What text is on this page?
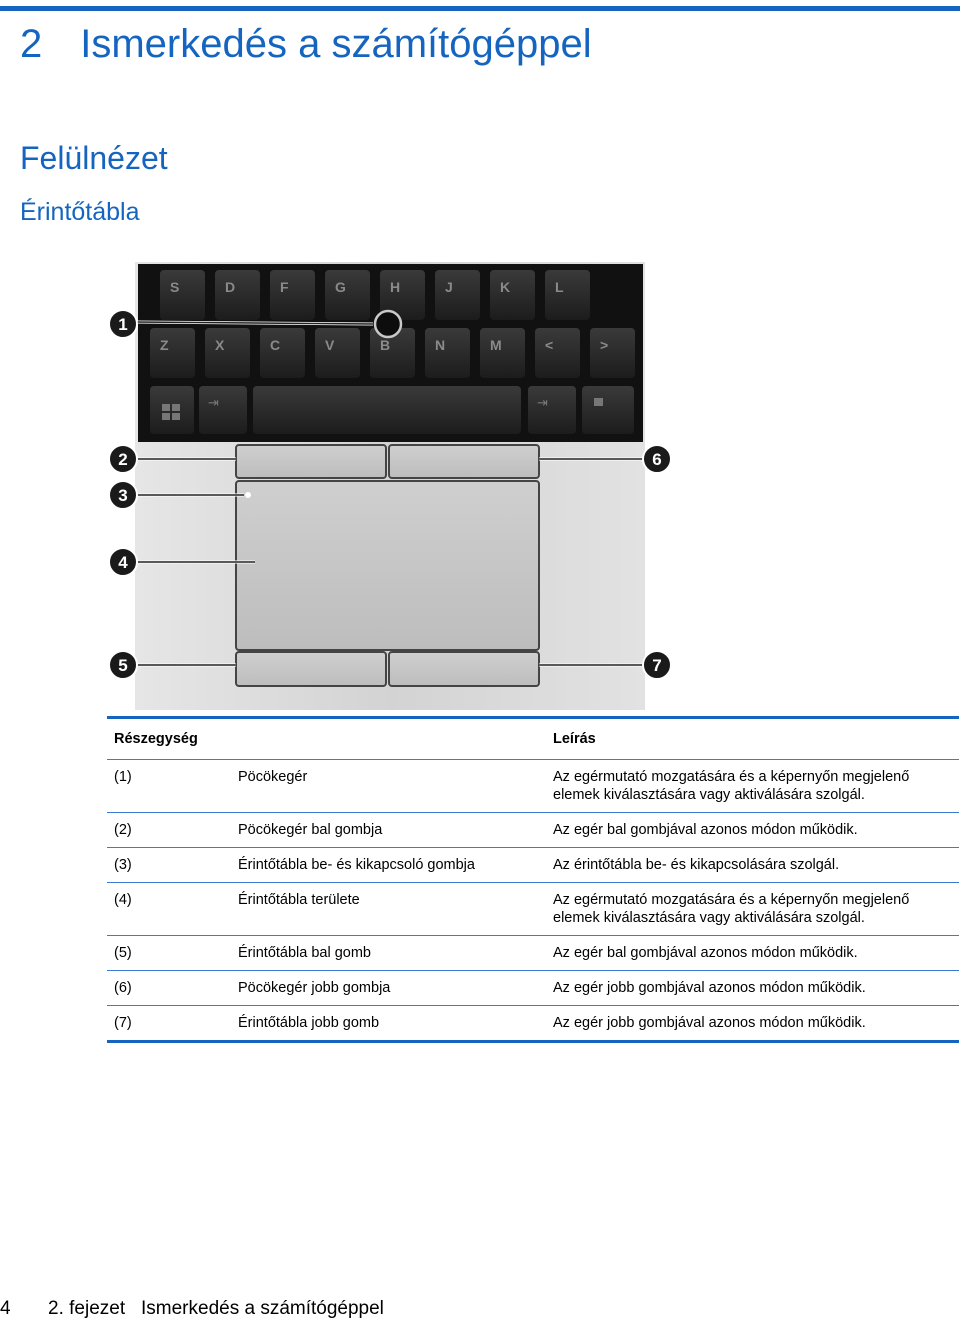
2 Ismerkedés a számítógéppel
Felülnézet
Érintőtábla
S	D	F	G	H	J	K	L
Z	X	C	V	B	N	M	<	>
⇥	⇥
1
2
3
4
5
6
7
Részegység		Leírás
(1)	Pöcökegér	Az egérmutató mozgatására és a képernyőn megjelenő elemek kiválasztására vagy aktiválására szolgál.
(2)	Pöcökegér bal gombja	Az egér bal gombjával azonos módon működik.
(3)	Érintőtábla be- és kikapcsoló gombja	Az érintőtábla be- és kikapcsolására szolgál.
(4)	Érintőtábla területe	Az egérmutató mozgatására és a képernyőn megjelenő elemek kiválasztására vagy aktiválására szolgál.
(5)	Érintőtábla bal gomb	Az egér bal gombjával azonos módon működik.
(6)	Pöcökegér jobb gombja	Az egér jobb gombjával azonos módon működik.
(7)	Érintőtábla jobb gomb	Az egér jobb gombjával azonos módon működik.
4 2. fejezet Ismerkedés a számítógéppel
